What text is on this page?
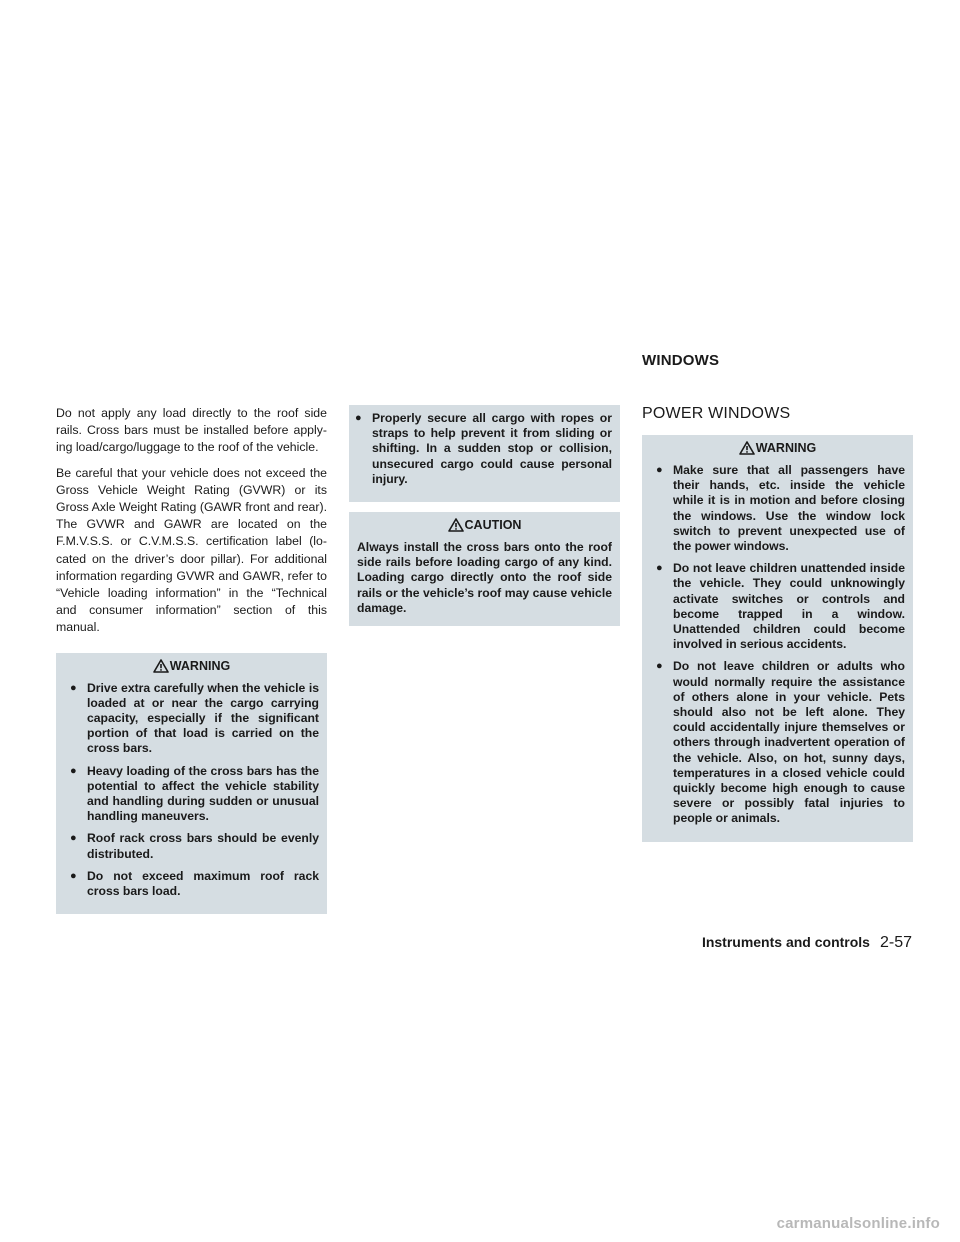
WINDOWS

Do not apply any load directly to the roof side rails. Cross bars must be installed before applying load/cargo/luggage to the roof of the vehicle.

Be careful that your vehicle does not exceed the Gross Vehicle Weight Rating (GVWR) or its Gross Axle Weight Rating (GAWR front and rear). The GVWR and GAWR are located on the F.M.V.S.S. or C.V.M.S.S. certification label (located on the driver’s door pillar). For additional information regarding GVWR and GAWR, refer to “Vehicle loading information” in the “Technical and consumer information” section of this manual.

WARNING
● Drive extra carefully when the vehicle is loaded at or near the cargo carrying capacity, especially if the significant portion of that load is carried on the cross bars.
● Heavy loading of the cross bars has the potential to affect the vehicle stability and handling during sudden or unusual handling maneuvers.
● Roof rack cross bars should be evenly distributed.
● Do not exceed maximum roof rack cross bars load.
● Properly secure all cargo with ropes or straps to help prevent it from sliding or shifting. In a sudden stop or collision, unsecured cargo could cause personal injury.
CAUTION
Always install the cross bars onto the roof side rails before loading cargo of any kind. Loading cargo directly onto the roof side rails or the vehicle’s roof may cause vehicle damage.
POWER WINDOWS
WARNING
● Make sure that all passengers have their hands, etc. inside the vehicle while it is in motion and before closing the windows. Use the window lock switch to prevent unexpected use of the power windows.
● Do not leave children unattended inside the vehicle. They could unknowingly activate switches or controls and become trapped in a window. Unattended children could become involved in serious accidents.
● Do not leave children or adults who would normally require the assistance of others alone in your vehicle. Pets should also not be left alone. They could accidentally injure themselves or others through inadvertent operation of the vehicle. Also, on hot, sunny days, temperatures in a closed vehicle could quickly become high enough to cause severe or possibly fatal injuries to people or animals.
Instruments and controls 2-57
carmanualsonline.info
